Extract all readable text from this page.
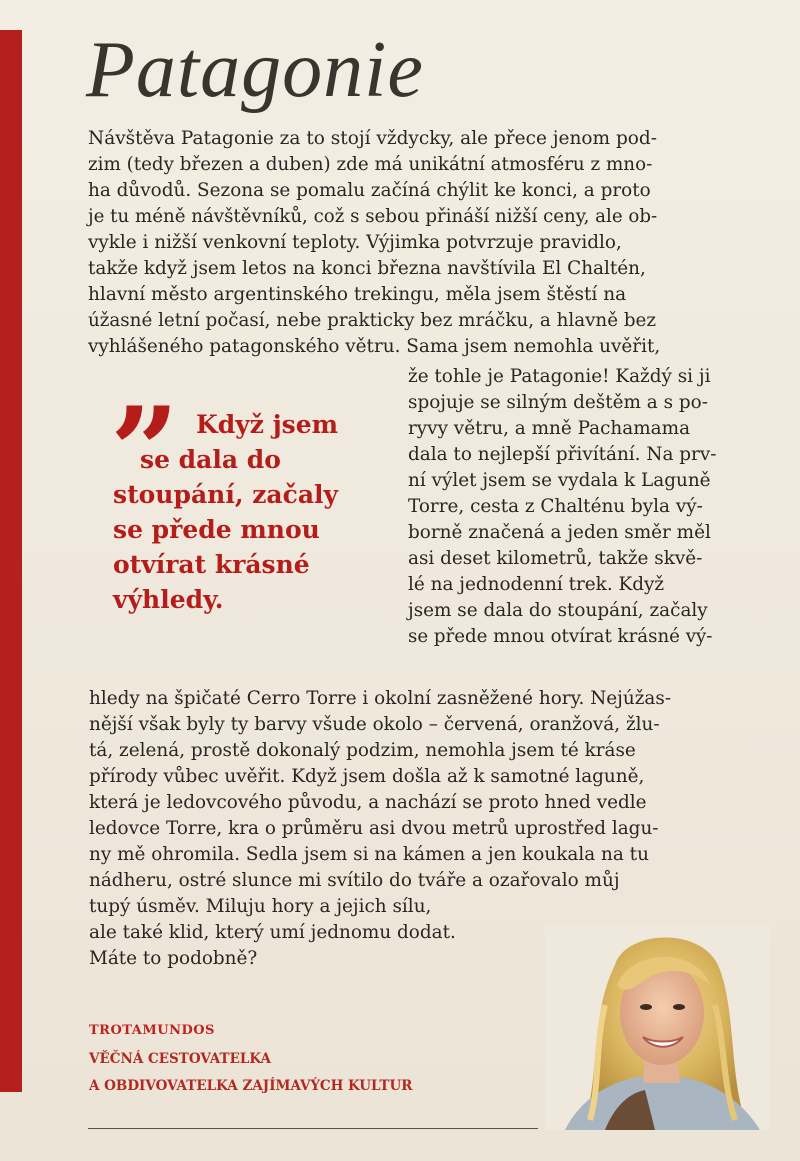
Patagonie
Návštěva Patagonie za to stojí vždycky, ale přece jenom pod-
zim (tedy březen a duben) zde má unikátní atmosféru z mno-
ha důvodů. Sezona se pomalu začíná chýlit ke konci, a proto
je tu méně návštěvníků, což s sebou přináší nižší ceny, ale ob-
vykle i nižší venkovní teploty. Výjimka potvrzuje pravidlo,
takže když jsem letos na konci března navštívila El Chaltén,
hlavní město argentinského trekingu, měla jsem štěstí na
úžasné letní počasí, nebe prakticky bez mráčku, a hlavně bez
vyhlášeného patagonského větru. Sama jsem nemohla uvěřit,
že tohle je Patagonie! Každý si ji
spojuje se silným deštěm a s po-
ryvy větru, a mně Pachamama
dala to nejlepší přivítání. Na prv-
ní výlet jsem se vydala k Laguně
Torre, cesta z Chalténu byla vý-
borně značená a jeden směr měl
asi deset kilometrů, takže skvě-
lé na jednodenní trek. Když
jsem se dala do stoupání, začaly
se přede mnou otvírat krásné vý-
hledy na špičaté Cerro Torre i okolní zasněžené hory. Nejúžas-
nější však byly ty barvy všude okolo – červená, oranžová, žlu-
tá, zelená, prostě dokonalý podzim, nemohla jsem té kráse
přírody vůbec uvěřit. Když jsem došla až k samotné laguně,
která je ledovcového původu, a nachází se proto hned vedle
ledovce Torre, kra o průměru asi dvou metrů uprostřed lagu-
ny mě ohromila. Sedla jsem si na kámen a jen koukala na tu
nádheru, ostré slunce mi svítilo do tváře a ozařovalo můj
tupý úsměv. Miluju hory a jejich sílu,
ale také klid, který umí jednomu dodat.
Máte to podobně?
” Když jsem
se dala do
stoupání, začaly
se přede mnou
otvírat krásné
výhledy.
TROTAMUNDOS
VĚČNÁ CESTOVATELKA
A OBDIVOVATELKA ZAJÍMAVÝCH KULTUR
